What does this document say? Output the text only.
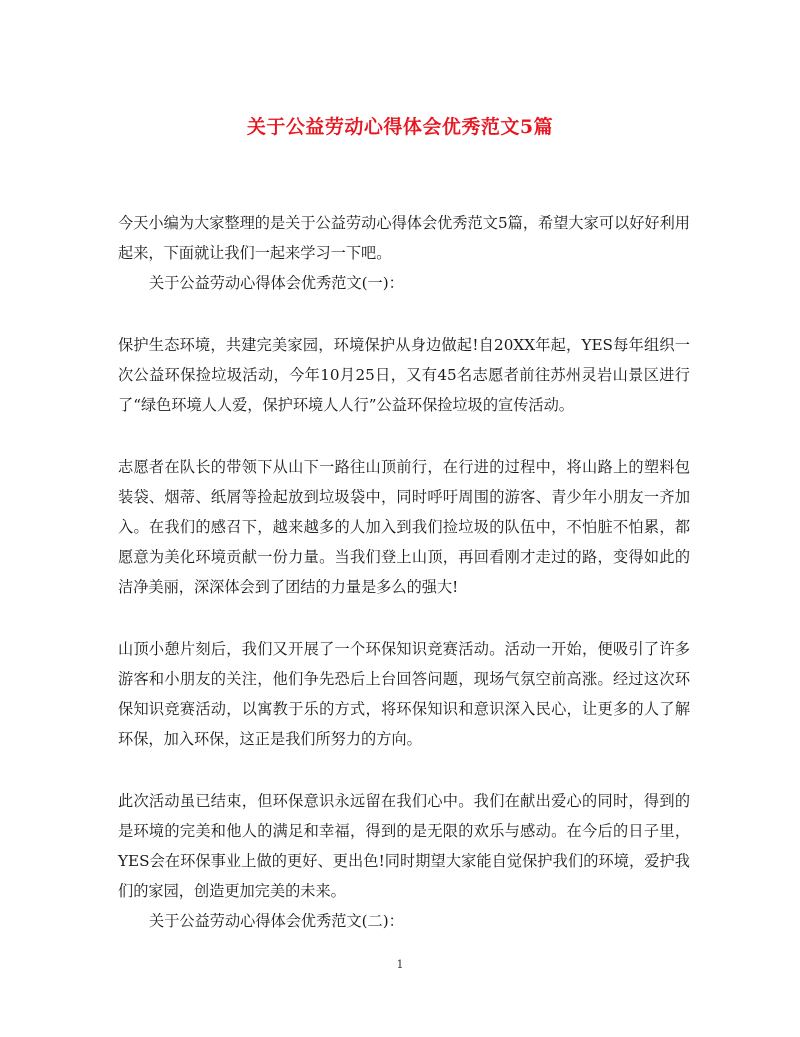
关于公益劳动心得体会优秀范文5篇

今天小编为大家整理的是关于公益劳动心得体会优秀范文5篇，希望大家可以好好利用起来，下面就让我们一起来学习一下吧。

关于公益劳动心得体会优秀范文(一)：

保护生态环境，共建完美家园，环境保护从身边做起!自20XX年起，YES每年组织一次公益环保捡垃圾活动，今年10月25日，又有45名志愿者前往苏州灵岩山景区进行了“绿色环境人人爱，保护环境人人行”公益环保捡垃圾的宣传活动。

志愿者在队长的带领下从山下一路往山顶前行，在行进的过程中，将山路上的塑料包装袋、烟蒂、纸屑等捡起放到垃圾袋中，同时呼吁周围的游客、青少年小朋友一齐加入。在我们的感召下，越来越多的人加入到我们捡垃圾的队伍中，不怕脏不怕累，都愿意为美化环境贡献一份力量。当我们登上山顶，再回看刚才走过的路，变得如此的洁净美丽，深深体会到了团结的力量是多么的强大!

山顶小憩片刻后，我们又开展了一个环保知识竞赛活动。活动一开始，便吸引了许多游客和小朋友的关注，他们争先恐后上台回答问题，现场气氛空前高涨。经过这次环保知识竞赛活动，以寓教于乐的方式，将环保知识和意识深入民心，让更多的人了解环保，加入环保，这正是我们所努力的方向。

此次活动虽已结束，但环保意识永远留在我们心中。我们在献出爱心的同时，得到的是环境的完美和他人的满足和幸福，得到的是无限的欢乐与感动。在今后的日子里，YES会在环保事业上做的更好、更出色!同时期望大家能自觉保护我们的环境，爱护我们的家园，创造更加完美的未来。

关于公益劳动心得体会优秀范文(二)：

1
